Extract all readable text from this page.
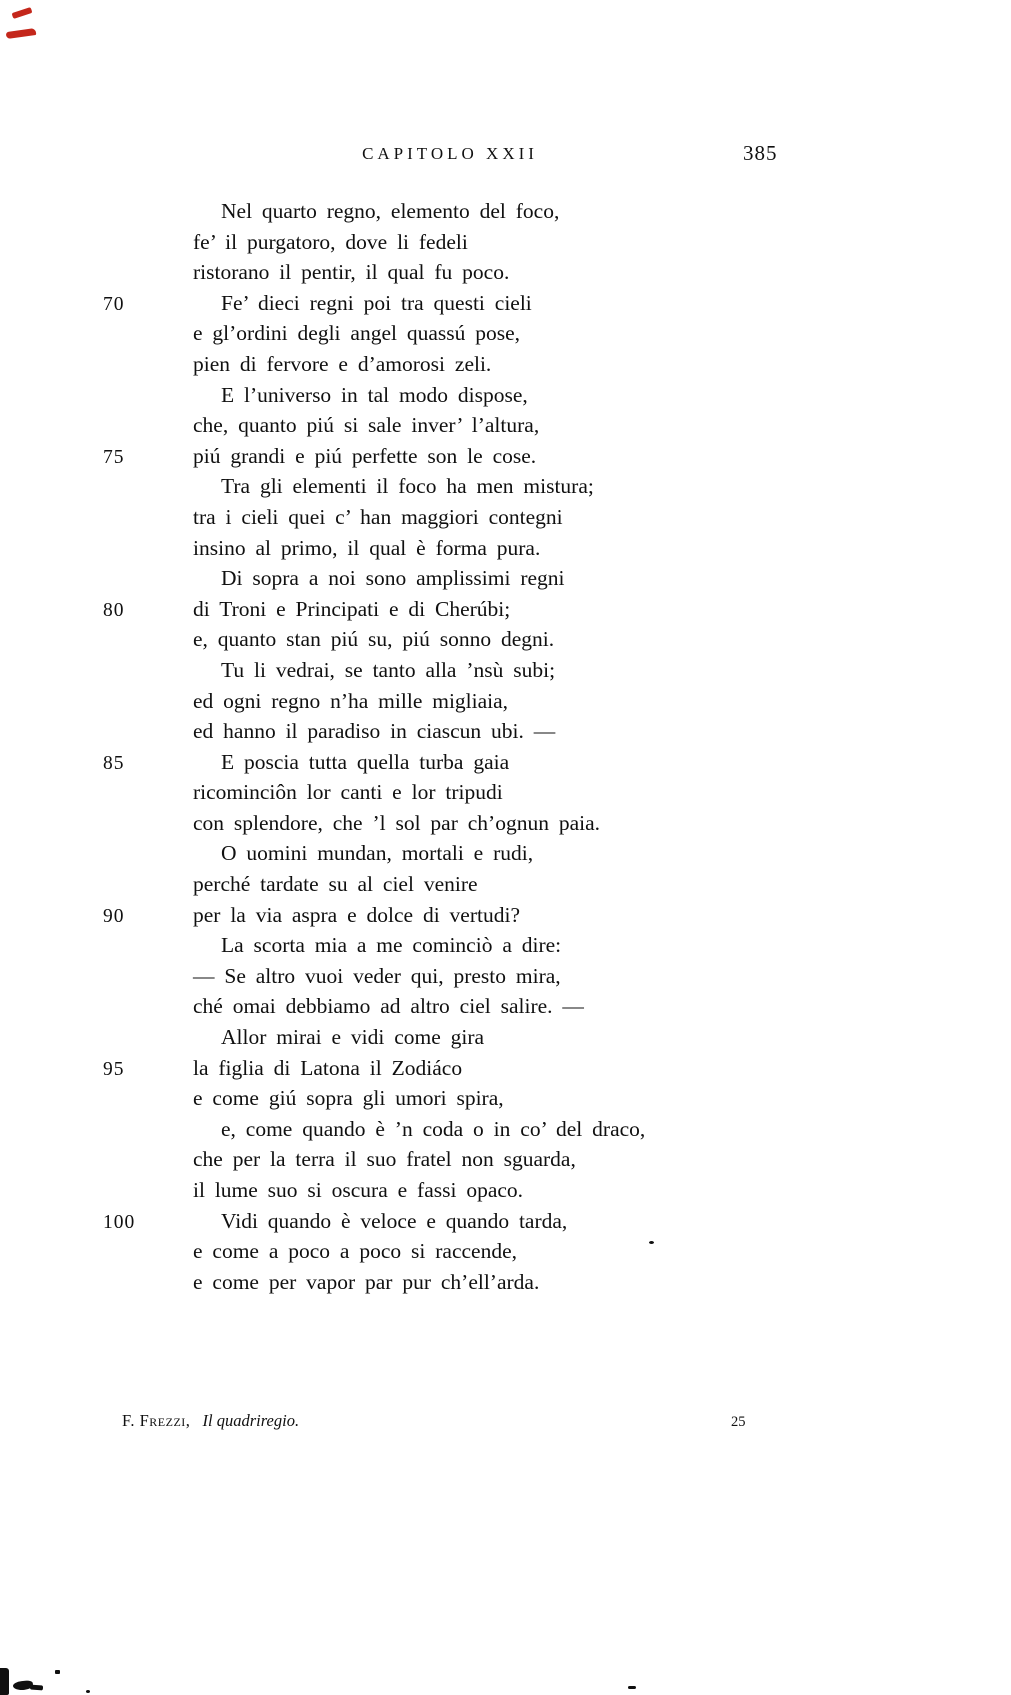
CAPITOLO XXII	385
Nel quarto regno, elemento del foco,
fe’ il purgatoro, dove li fedeli
ristorano il pentir, il qual fu poco.
70	Fe’ dieci regni poi tra questi cieli
e gl’ordini degli angel quassú pose,
pien di fervore e d’amorosi zeli.
E l’universo in tal modo dispose,
che, quanto piú si sale inver’ l’altura,
75	piú grandi e piú perfette son le cose.
Tra gli elementi il foco ha men mistura;
tra i cieli quei c’ han maggiori contegni
insino al primo, il qual è forma pura.
Di sopra a noi sono amplissimi regni
80	di Troni e Principati e di Cherúbi;
e, quanto stan piú su, piú sonno degni.
Tu li vedrai, se tanto alla ’nsù subi;
ed ogni regno n’ha mille migliaia,
ed hanno il paradiso in ciascun ubi. —
85	E poscia tutta quella turba gaia
ricominciôn lor canti e lor tripudi
con splendore, che ’l sol par ch’ognun paia.
O uomini mundan, mortali e rudi,
perché tardate su al ciel venire
90	per la via aspra e dolce di vertudi?
La scorta mia a me cominciò a dire:
— Se altro vuoi veder qui, presto mira,
ché omai debbiamo ad altro ciel salire. —
Allor mirai e vidi come gira
95	la figlia di Latona il Zodiáco
e come giú sopra gli umori spira,
e, come quando è ’n coda o in co’ del draco,
che per la terra il suo fratel non sguarda,
il lume suo si oscura e fassi opaco.
100	Vidi quando è veloce e quando tarda,
e come a poco a poco si raccende,
e come per vapor par pur ch’ell’arda.
F. Frezzi, Il quadriregio.	25
